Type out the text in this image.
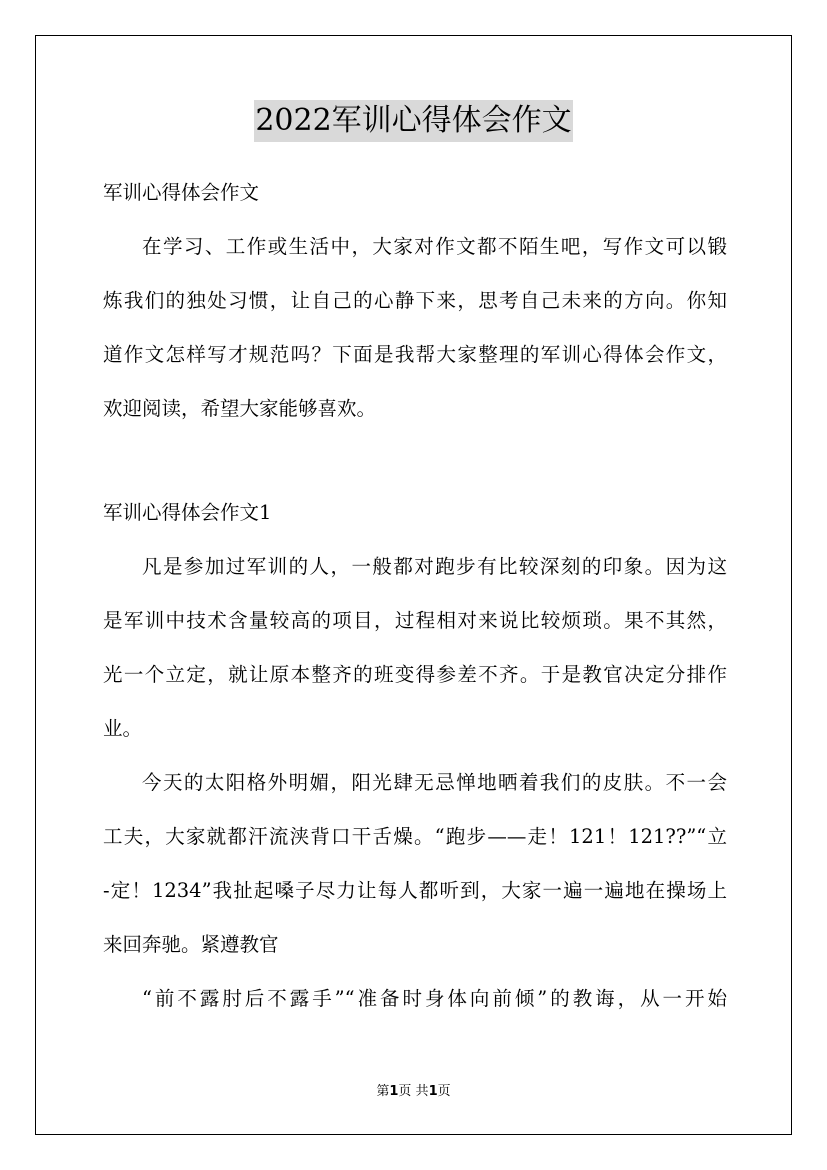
2022军训心得体会作文
军训心得体会作文
在学习、工作或生活中，大家对作文都不陌生吧，写作文可以锻
炼我们的独处习惯，让自己的心静下来，思考自己未来的方向。你知
道作文怎样写才规范吗？下面是我帮大家整理的军训心得体会作文，
欢迎阅读，希望大家能够喜欢。
军训心得体会作文1
凡是参加过军训的人，一般都对跑步有比较深刻的印象。因为这
是军训中技术含量较高的项目，过程相对来说比较烦琐。果不其然，
光一个立定，就让原本整齐的班变得参差不齐。于是教官决定分排作
业。
今天的太阳格外明媚，阳光肆无忌惮地晒着我们的皮肤。不一会
工夫，大家就都汗流浃背口干舌燥。“跑步——走！121！121??”“立
-定！1234”我扯起嗓子尽力让每人都听到，大家一遍一遍地在操场上
来回奔驰。紧遵教官
“前不露肘后不露手”“准备时身体向前倾”的教诲，从一开始
第1页 共1页
